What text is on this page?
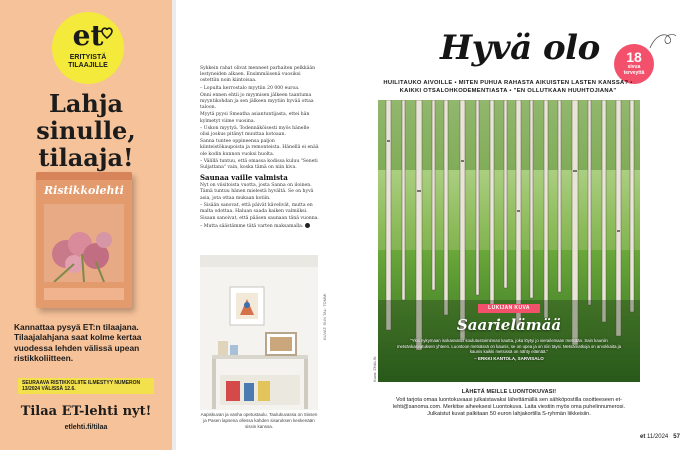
et
ERITYISTÄ
TILAAJILLE
Lahja
sinulle,
tilaaja!
Ristikkolehti
Kannattaa pysyä ET:n tilaajana. Tilaajalahjana saat kolme kertaa vuodessa lehden välissä upean ristikkoliitteen.
SEURAAVA RISTIKKOLIITE ILMESTYY NUMERON 13/2024 VÄLISSÄ 12.6.
Tilaa ET-lehti nyt!
etlehti.fi/tilaa

Sykkein rahat olivat menneet parhaiten pelkkään lestyneiden alkaen. Ensimmäisenä vuosiksi ostettiin noin kiintoisaa.

– Lopulta kerrostalo myytiin 20 000 euroa.

Onni ennen ehtii jo myymisen jälkeen taantuma myyntikohdan ja sen jälkeen myytiin hyvää ottaa taloon.

Myytä pyysi Smeatha asiantuntijasta, ettei hän kylmetyt viime vuosina.

– Uskon myytyä. Todennäköisesti myös hänelle olisi joskus pitänyt muuttaa kotoaan.

Sanna tuntee oppineensa paljon kiinteistökaupoista ja remonteista. Hänellä ei enää ole kodin kunnon vuoksi huolta.

– Välillä tuntuu, että omassa kodissa kuluu "Seneti Suljattana" vain, koska tämä on niin kiva.

Saunaa vaille valmista

Nyt on viisitoista vuotta, josta Sanna on iloinen. Tämä tuntuu hänen mielestä hyvältä. Se on hyvä asia, jota ottaa mukaan kotiin.

– Sisään sanovat, että päivät kävelivät, mutta en malta odottaa. Haluan saada kaiken valmiiksi.

Sisaan sanoivat, että pääsen saunaan tänä vuonna.

– Mutta säästämme tätä varten maksamalla.

Aapiskuvan ja vanha opetustaulu. Taulukuvassa on Sissen ja Pasen lapsena ollessa kahden sisaruksen keskenään sissin kanssa.
KUVAT: SUN TAL: TOMMI
Hyvä olo	18
sivua
terveyttä
HUILITAUKO AIVOILLE • MITEN PUHUA RAHASTA AIKUISTEN LASTEN KANSSA? • KAIKKI OTSALOHKODEMENTIASTA • "EN OLLUTKAAN HUUHTOJIANA"
Kuva: ZHALIN
LUKIJAN KUVA
Saarielämää
"Yksi nykymaan isokasvatus koulutustoiminnan kautta, joka löytyi jo vierailemaan metsään. Sain kauniin metsänkasvatuksen yhteen. Luontoon metsässä on kaunis, se on upea ja on niin täysi. Metsämatkoja on arvokkaita ja kaunis kaikki metsissä on nähty elämää."
– ERKKI KANTOLA, SARVISALO
LÄHETÄ MEILLE LUONTOKUVASI!
Voit tarjota omaa luontokuvaasi julkaistavaksi lähettämällä sen sähköpostilla osoitteeseen et-lehti@sanoma.com. Merkitse aiheeksesi Luontokuva. Laita viestiin myös oma puhelinnumerosi. Julkaistut kuvat palkitaan 50 euron lahjakortilla S-ryhmän liikkeisiin.
et 11/2024 57
